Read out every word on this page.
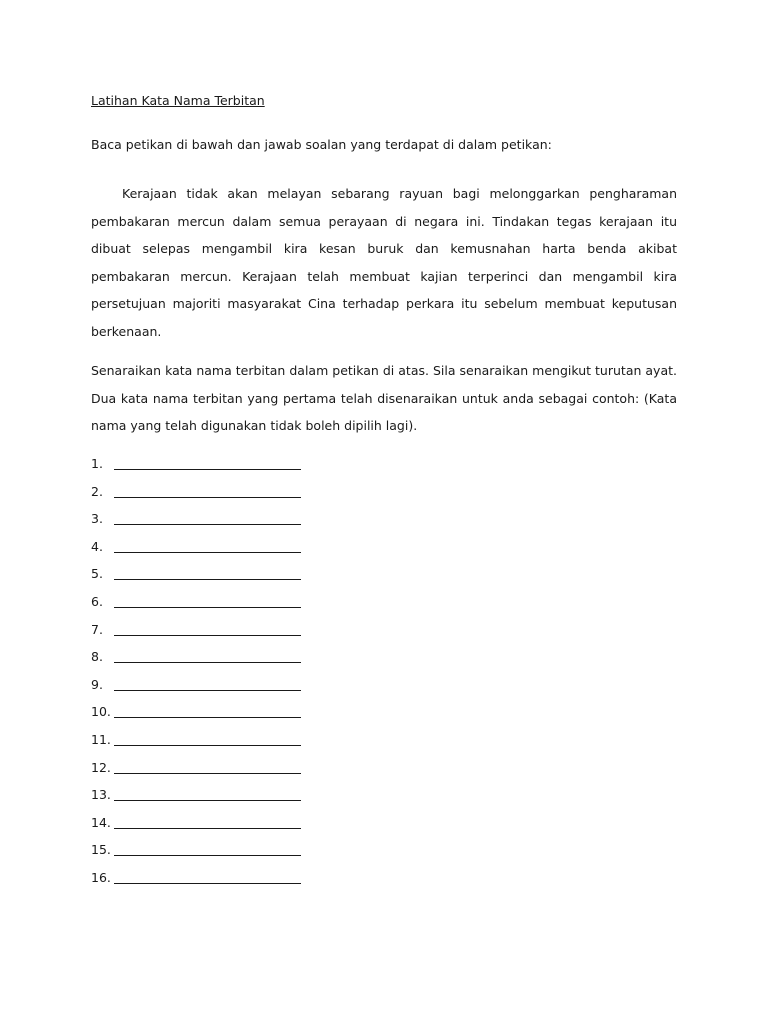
Latihan Kata Nama Terbitan
Baca petikan di bawah dan jawab soalan yang terdapat di dalam petikan:

Kerajaan tidak akan melayan sebarang rayuan bagi melonggarkan pengharaman pembakaran mercun dalam semua perayaan di negara ini. Tindakan tegas kerajaan itu dibuat selepas mengambil kira kesan buruk dan kemusnahan harta benda akibat pembakaran mercun. Kerajaan telah membuat kajian terperinci dan mengambil kira persetujuan majoriti masyarakat Cina terhadap perkara itu sebelum membuat keputusan berkenaan.

Senaraikan kata nama terbitan dalam petikan di atas. Sila senaraikan mengikut turutan ayat. Dua kata nama terbitan yang pertama telah disenaraikan untuk anda sebagai contoh: (Kata nama yang telah digunakan tidak boleh dipilih lagi).

1.
2.
3.
4.
5.
6.
7.
8.
9.
10.
11.
12.
13.
14.
15.
16.
